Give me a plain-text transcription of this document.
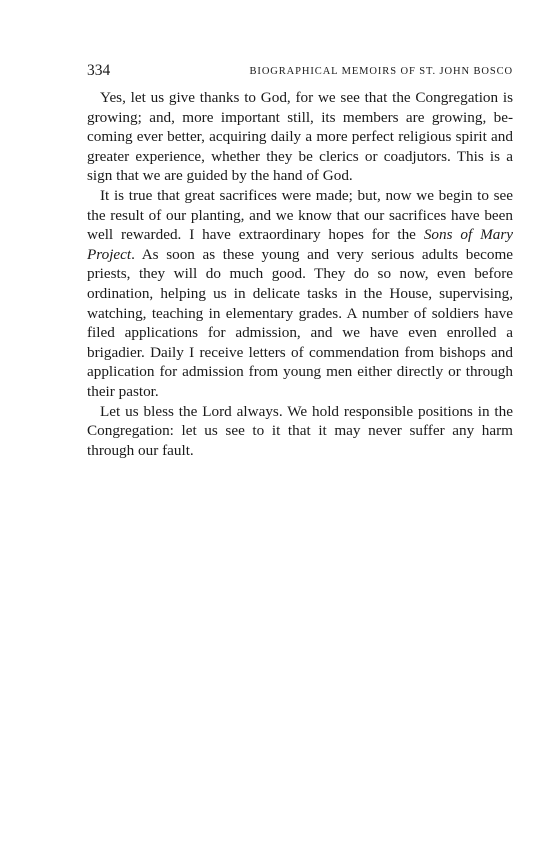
334	BIOGRAPHICAL MEMOIRS OF ST. JOHN BOSCO

Yes, let us give thanks to God, for we see that the Congregation is growing; and, more important still, its members are growing, becoming ever better, acquiring daily a more perfect religious spirit and greater experience, whether they be clerics or coadjutors. This is a sign that we are guided by the hand of God.

It is true that great sacrifices were made; but, now we begin to see the result of our planting, and we know that our sacrifices have been well rewarded. I have extraordinary hopes for the Sons of Mary Project. As soon as these young and very serious adults become priests, they will do much good. They do so now, even before ordination, helping us in delicate tasks in the House, supervising, watching, teaching in elementary grades. A number of soldiers have filed applications for admission, and we have even enrolled a brigadier. Daily I receive letters of commendation from bishops and application for admission from young men either directly or through their pastor.

Let us bless the Lord always. We hold responsible positions in the Congregation: let us see to it that it may never suffer any harm through our fault.
